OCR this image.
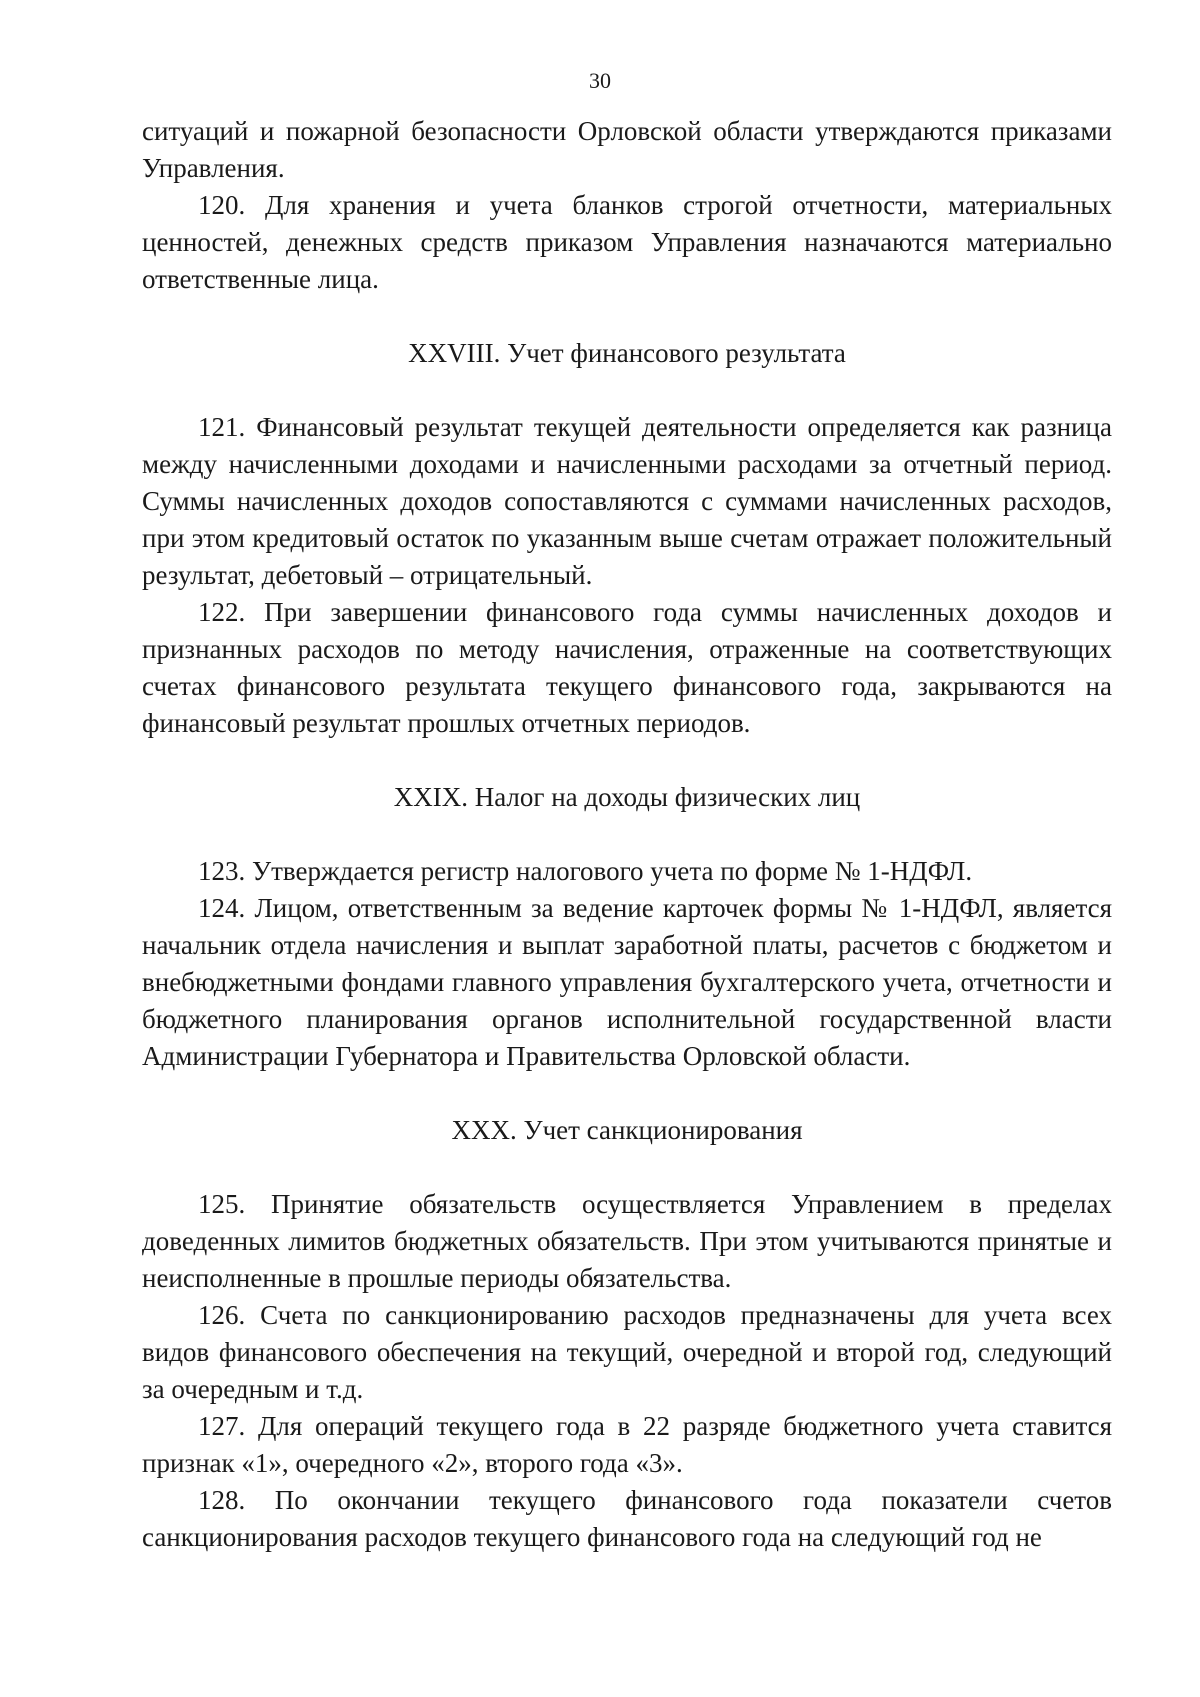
30

ситуаций и пожарной безопасности Орловской области утверждаются приказами Управления.

120. Для хранения и учета бланков строгой отчетности, материальных ценностей, денежных средств приказом Управления назначаются материально ответственные лица.

XXVIII. Учет финансового результата

121. Финансовый результат текущей деятельности определяется как разница между начисленными доходами и начисленными расходами за отчетный период. Суммы начисленных доходов сопоставляются с суммами начисленных расходов, при этом кредитовый остаток по указанным выше счетам отражает положительный результат, дебетовый – отрицательный.

122. При завершении финансового года суммы начисленных доходов и признанных расходов по методу начисления, отраженные на соответствующих счетах финансового результата текущего финансового года, закрываются на финансовый результат прошлых отчетных периодов.

XXIX. Налог на доходы физических лиц

123. Утверждается регистр налогового учета по форме № 1-НДФЛ.

124. Лицом, ответственным за ведение карточек формы № 1-НДФЛ, является начальник отдела начисления и выплат заработной платы, расчетов с бюджетом и внебюджетными фондами главного управления бухгалтерского учета, отчетности и бюджетного планирования органов исполнительной государственной власти Администрации Губернатора и Правительства Орловской области.

XXX. Учет санкционирования

125. Принятие обязательств осуществляется Управлением в пределах доведенных лимитов бюджетных обязательств. При этом учитываются принятые и неисполненные в прошлые периоды обязательства.

126. Счета по санкционированию расходов предназначены для учета всех видов финансового обеспечения на текущий, очередной и второй год, следующий за очередным и т.д.

127. Для операций текущего года в 22 разряде бюджетного учета ставится признак «1», очередного «2», второго года «3».

128. По окончании текущего финансового года показатели счетов санкционирования расходов текущего финансового года на следующий год не
